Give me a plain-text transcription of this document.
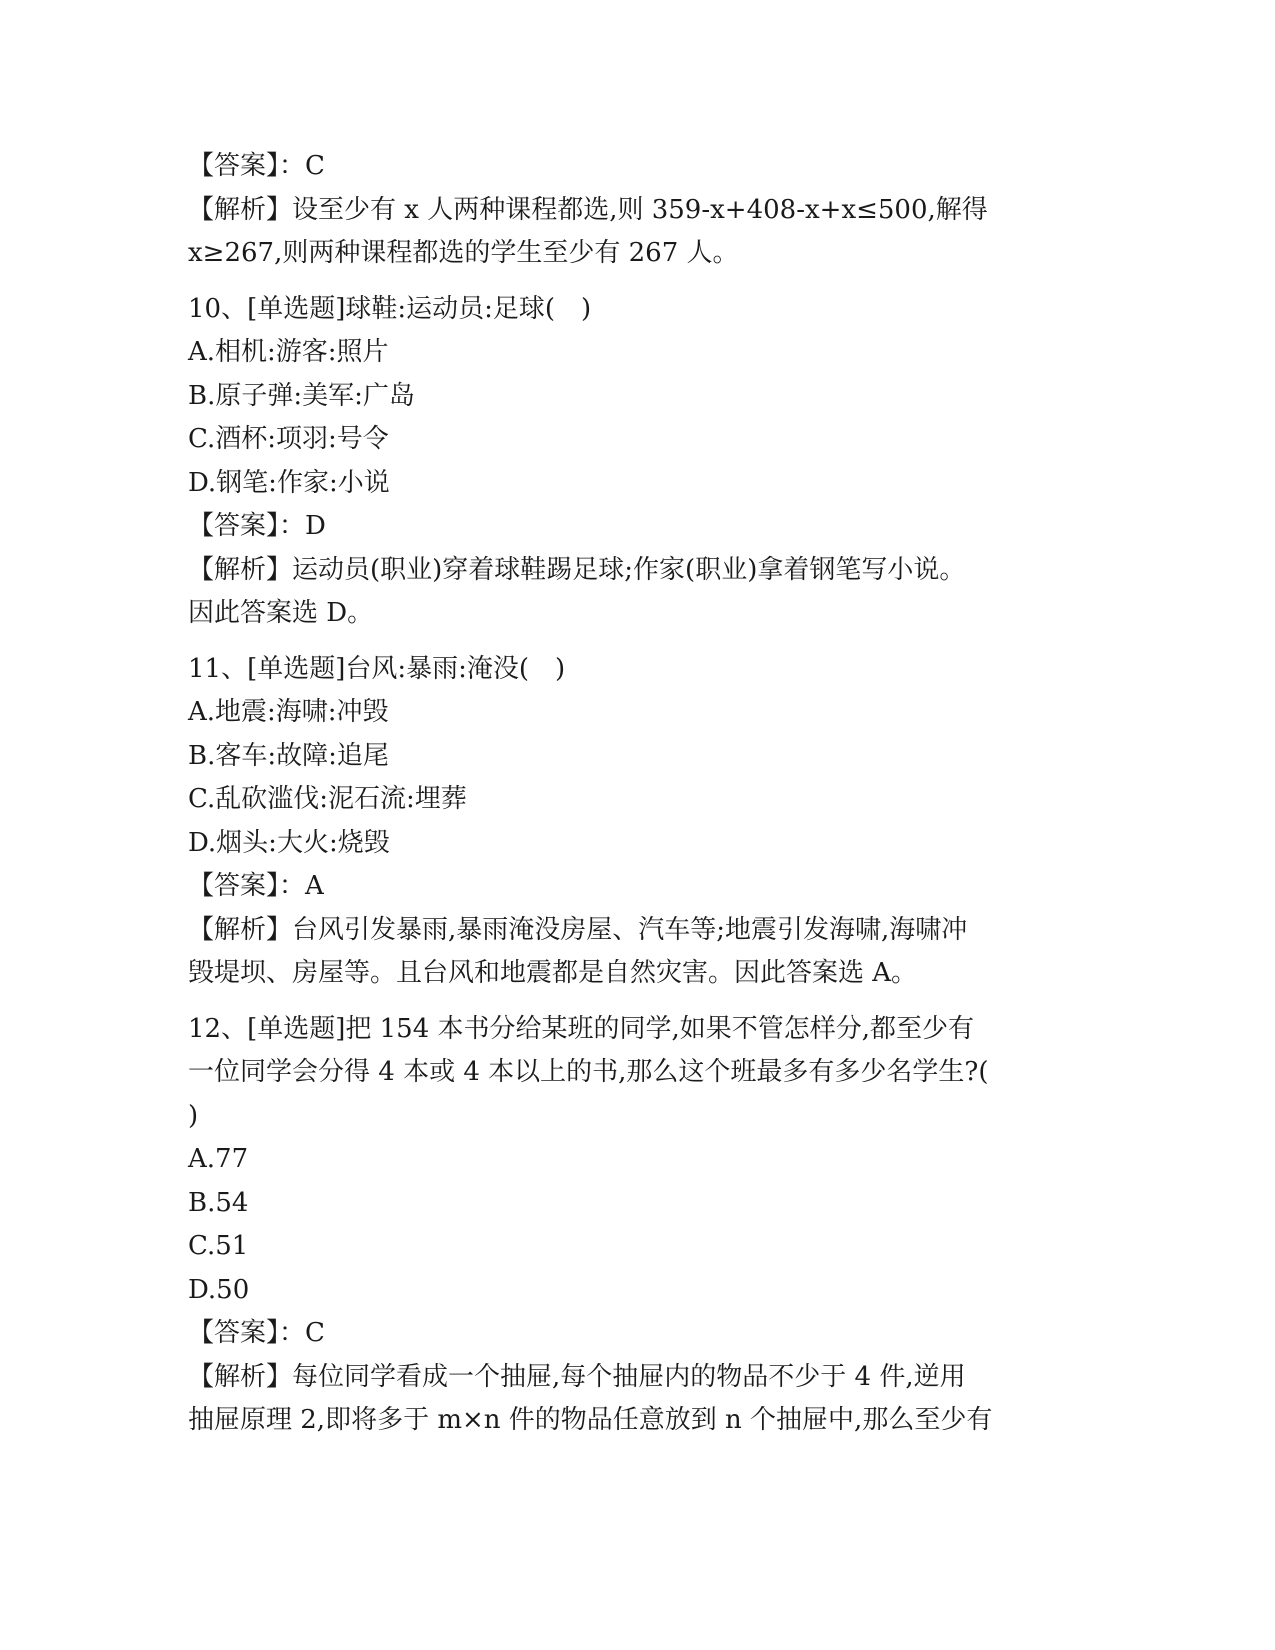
【答案】：C
【解析】设至少有 x 人两种课程都选,则 359-x+408-x+x≤500,解得
x≥267,则两种课程都选的学生至少有 267 人。
10、[单选题]球鞋:运动员:足球(　)
A.相机:游客:照片
B.原子弹:美军:广岛
C.酒杯:项羽:号令
D.钢笔:作家:小说
【答案】：D
【解析】运动员(职业)穿着球鞋踢足球;作家(职业)拿着钢笔写小说。
因此答案选 D。
11、[单选题]台风:暴雨:淹没(　)
A.地震:海啸:冲毁
B.客车:故障:追尾
C.乱砍滥伐:泥石流:埋葬
D.烟头:大火:烧毁
【答案】：A
【解析】台风引发暴雨,暴雨淹没房屋、汽车等;地震引发海啸,海啸冲
毁堤坝、房屋等。且台风和地震都是自然灾害。因此答案选 A。
12、[单选题]把 154 本书分给某班的同学,如果不管怎样分,都至少有
一位同学会分得 4 本或 4 本以上的书,那么这个班最多有多少名学生?(
)
A.77
B.54
C.51
D.50
【答案】：C
【解析】每位同学看成一个抽屉,每个抽屉内的物品不少于 4 件,逆用
抽屉原理 2,即将多于 m×n 件的物品任意放到 n 个抽屉中,那么至少有
